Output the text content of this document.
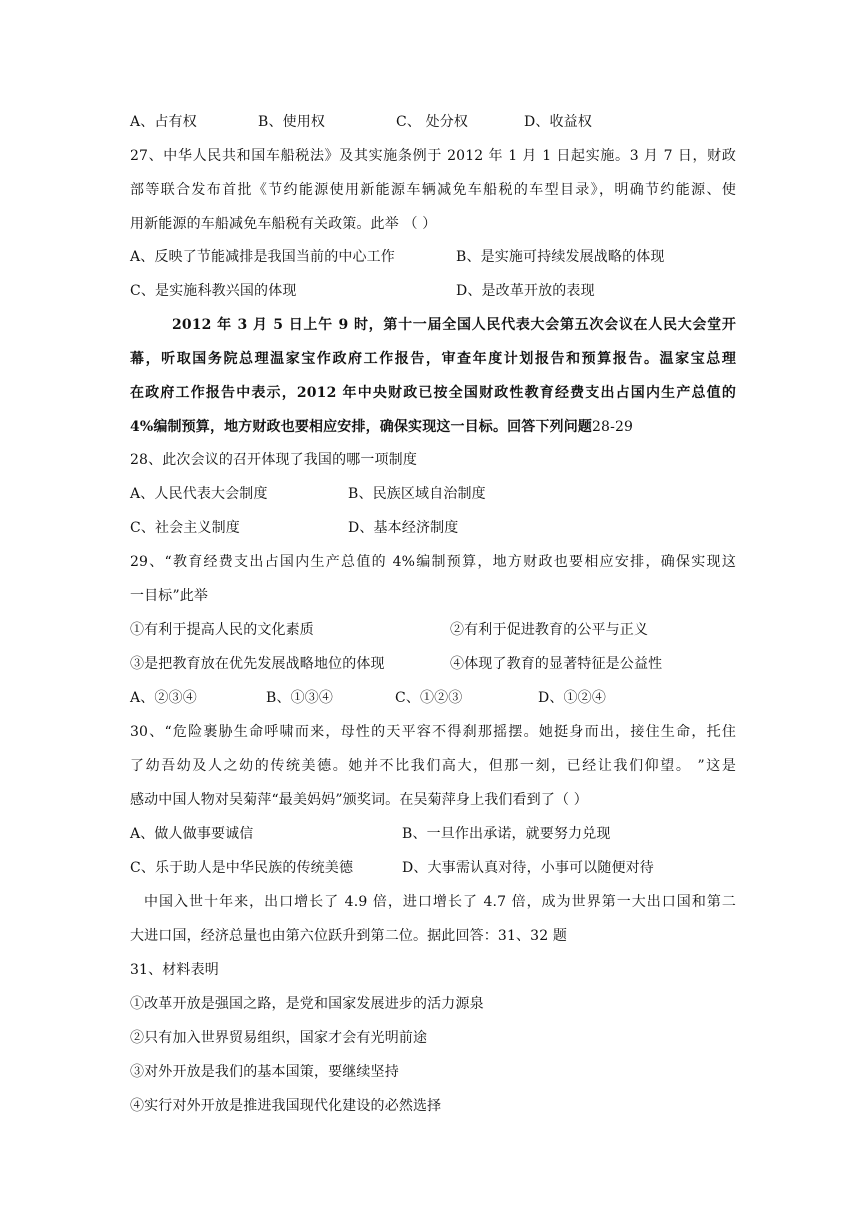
A、占有权	B、使用权	C、 处分权	D、收益权
27、中华人民共和国车船税法》及其实施条例于 2012 年 1 月 1 日起实施。3 月 7 日，财政
部等联合发布首批《节约能源使用新能源车辆减免车船税的车型目录》，明确节约能源、使
用新能源的车船减免车船税有关政策。此举 （ ）
A、反映了节能减排是我国当前的中心工作	B、是实施可持续发展战略的体现
C、是实施科教兴国的体现	D、是改革开放的表现
2012 年 3 月 5 日上午 9 时，第十一届全国人民代表大会第五次会议在人民大会堂开
幕，听取国务院总理温家宝作政府工作报告，审查年度计划报告和预算报告。温家宝总理
在政府工作报告中表示，2012 年中央财政已按全国财政性教育经费支出占国内生产总值的
4%编制预算，地方财政也要相应安排，确保实现这一目标。回答下列问题28-29
28、此次会议的召开体现了我国的哪一项制度
A、人民代表大会制度	B、民族区域自治制度
C、社会主义制度	D、基本经济制度
29、“教育经费支出占国内生产总值的 4%编制预算，地方财政也要相应安排，确保实现这
一目标”此举
①有利于提高人民的文化素质	②有利于促进教育的公平与正义
③是把教育放在优先发展战略地位的体现	④体现了教育的显著特征是公益性
A、②③④	B、①③④	C、①②③	D、①②④
30、“危险裹胁生命呼啸而来，母性的天平容不得刹那摇摆。她挺身而出，接住生命，托住
了幼吾幼及人之幼的传统美德。她并不比我们高大，但那一刻，已经让我们仰望。 ”这是
感动中国人物对吴菊萍“最美妈妈”颁奖词。在吴菊萍身上我们看到了（ ）
A、做人做事要诚信	B、一旦作出承诺，就要努力兑现
C、乐于助人是中华民族的传统美德	D、大事需认真对待，小事可以随便对待
中国入世十年来，出口增长了 4.9 倍，进口增长了 4.7 倍，成为世界第一大出口国和第二
大进口国，经济总量也由第六位跃升到第二位。据此回答：31、32 题
31、材料表明
①改革开放是强国之路，是党和国家发展进步的活力源泉
②只有加入世界贸易组织，国家才会有光明前途
③对外开放是我们的基本国策，要继续坚持
④实行对外开放是推进我国现代化建设的必然选择
